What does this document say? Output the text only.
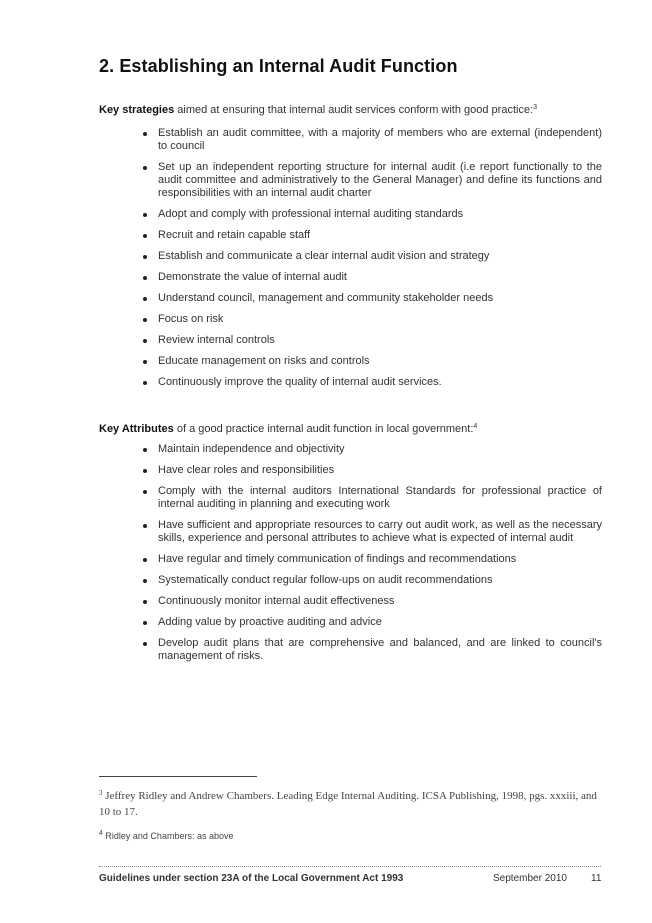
2. Establishing an Internal Audit Function

Key strategies aimed at ensuring that internal audit services conform with good practice:$^3$

Establish an audit committee, with a majority of members who are external (independent) to council
Set up an independent reporting structure for internal audit (i.e report functionally to the audit committee and administratively to the General Manager) and define its functions and responsibilities with an internal audit charter
Adopt and comply with professional internal auditing standards
Recruit and retain capable staff
Establish and communicate a clear internal audit vision and strategy
Demonstrate the value of internal audit
Understand council, management and community stakeholder needs
Focus on risk
Review internal controls
Educate management on risks and controls
Continuously improve the quality of internal audit services.

Key Attributes of a good practice internal audit function in local government:$^4$

Maintain independence and objectivity
Have clear roles and responsibilities
Comply with the internal auditors International Standards for professional practice of internal auditing in planning and executing work
Have sufficient and appropriate resources to carry out audit work, as well as the necessary skills, experience and personal attributes to achieve what is expected of internal audit
Have regular and timely communication of findings and recommendations
Systematically conduct regular follow-ups on audit recommendations
Continuously monitor internal audit effectiveness
Adding value by proactive auditing and advice
Develop audit plans that are comprehensive and balanced, and are linked to council's management of risks.

$^3$ Jeffrey Ridley and Andrew Chambers. Leading Edge Internal Auditing. ICSA Publishing, 1998, pgs. xxxiii, and 10 to 17.

$^4$ Ridley and Chambers: as above

Guidelines under section 23A of the Local Government Act 1993	September 2010 11
